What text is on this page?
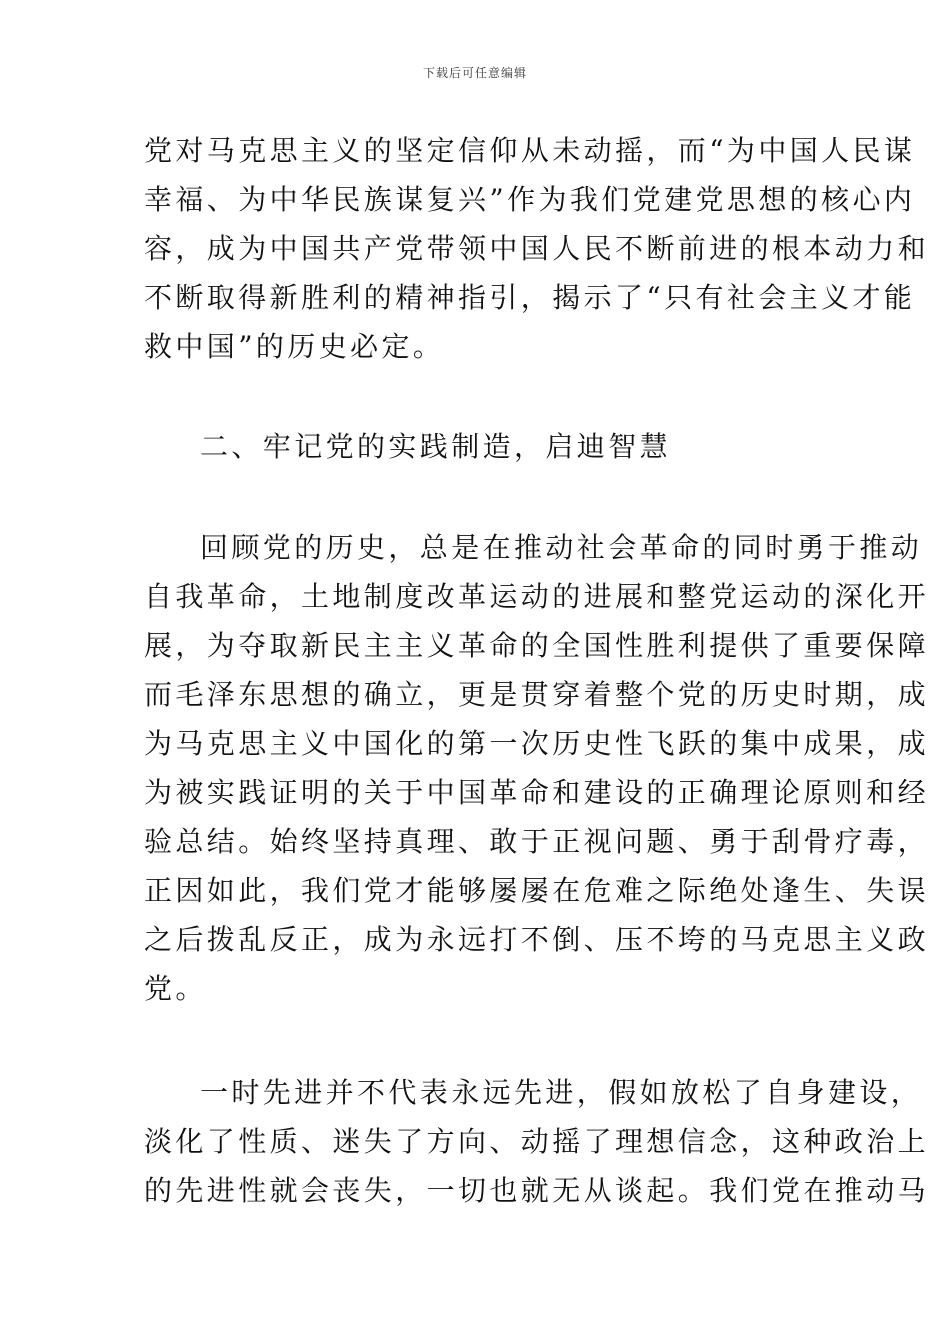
下载后可任意编辑
党对马克思主义的坚定信仰从未动摇，而“为中国人民谋
幸福、为中华民族谋复兴”作为我们党建党思想的核心内
容，成为中国共产党带领中国人民不断前进的根本动力和
不断取得新胜利的精神指引，揭示了“只有社会主义才能
救中国”的历史必定。
二、牢记党的实践制造，启迪智慧
回顾党的历史，总是在推动社会革命的同时勇于推动
自我革命，土地制度改革运动的进展和整党运动的深化开
展，为夺取新民主主义革命的全国性胜利提供了重要保障
而毛泽东思想的确立，更是贯穿着整个党的历史时期，成
为马克思主义中国化的第一次历史性飞跃的集中成果，成
为被实践证明的关于中国革命和建设的正确理论原则和经
验总结。始终坚持真理、敢于正视问题、勇于刮骨疗毒，
正因如此，我们党才能够屡屡在危难之际绝处逢生、失误
之后拨乱反正，成为永远打不倒、压不垮的马克思主义政
党。
一时先进并不代表永远先进，假如放松了自身建设，
淡化了性质、迷失了方向、动摇了理想信念，这种政治上
的先进性就会丧失，一切也就无从谈起。我们党在推动马
